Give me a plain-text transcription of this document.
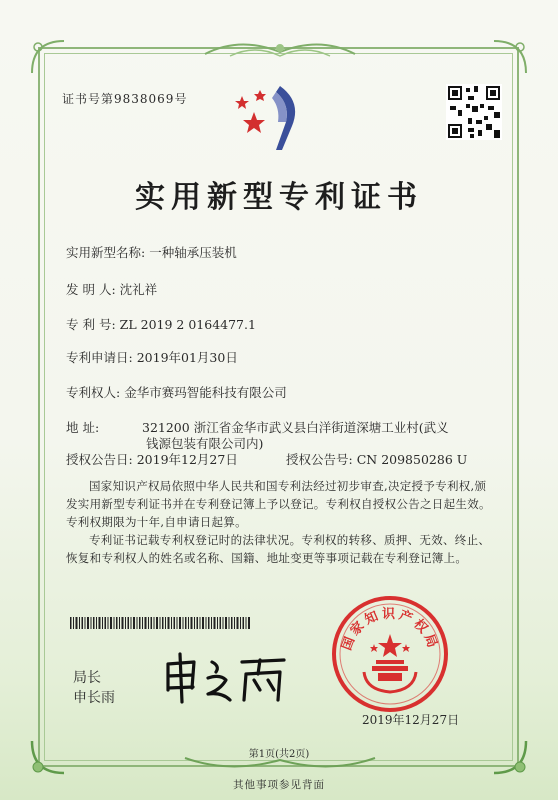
证书号第9838069号
实用新型专利证书
实用新型名称: 一种轴承压装机
发 明 人: 沈礼祥
专 利 号: ZL 2019 2 0164477.1
专利申请日: 2019年01月30日
专利权人: 金华市赛玛智能科技有限公司
地 址:	321200 浙江省金华市武义县白洋街道深塘工业村(武义
钱源包装有限公司内)
授权公告日: 2019年12月27日	授权公告号: CN 209850286 U
国家知识产权局依照中华人民共和国专利法经过初步审查,决定授予专利权,颁发实用新型专利证书并在专利登记簿上予以登记。专利权自授权公告之日起生效。专利权期限为十年,自申请日起算。
专利证书记载专利权登记时的法律状况。专利权的转移、质押、无效、终止、恢复和专利权人的姓名或名称、国籍、地址变更等事项记载在专利登记簿上。
局长
申长雨
国家知识产权局
2019年12月27日
第1页(共2页)
其他事项参见背面
